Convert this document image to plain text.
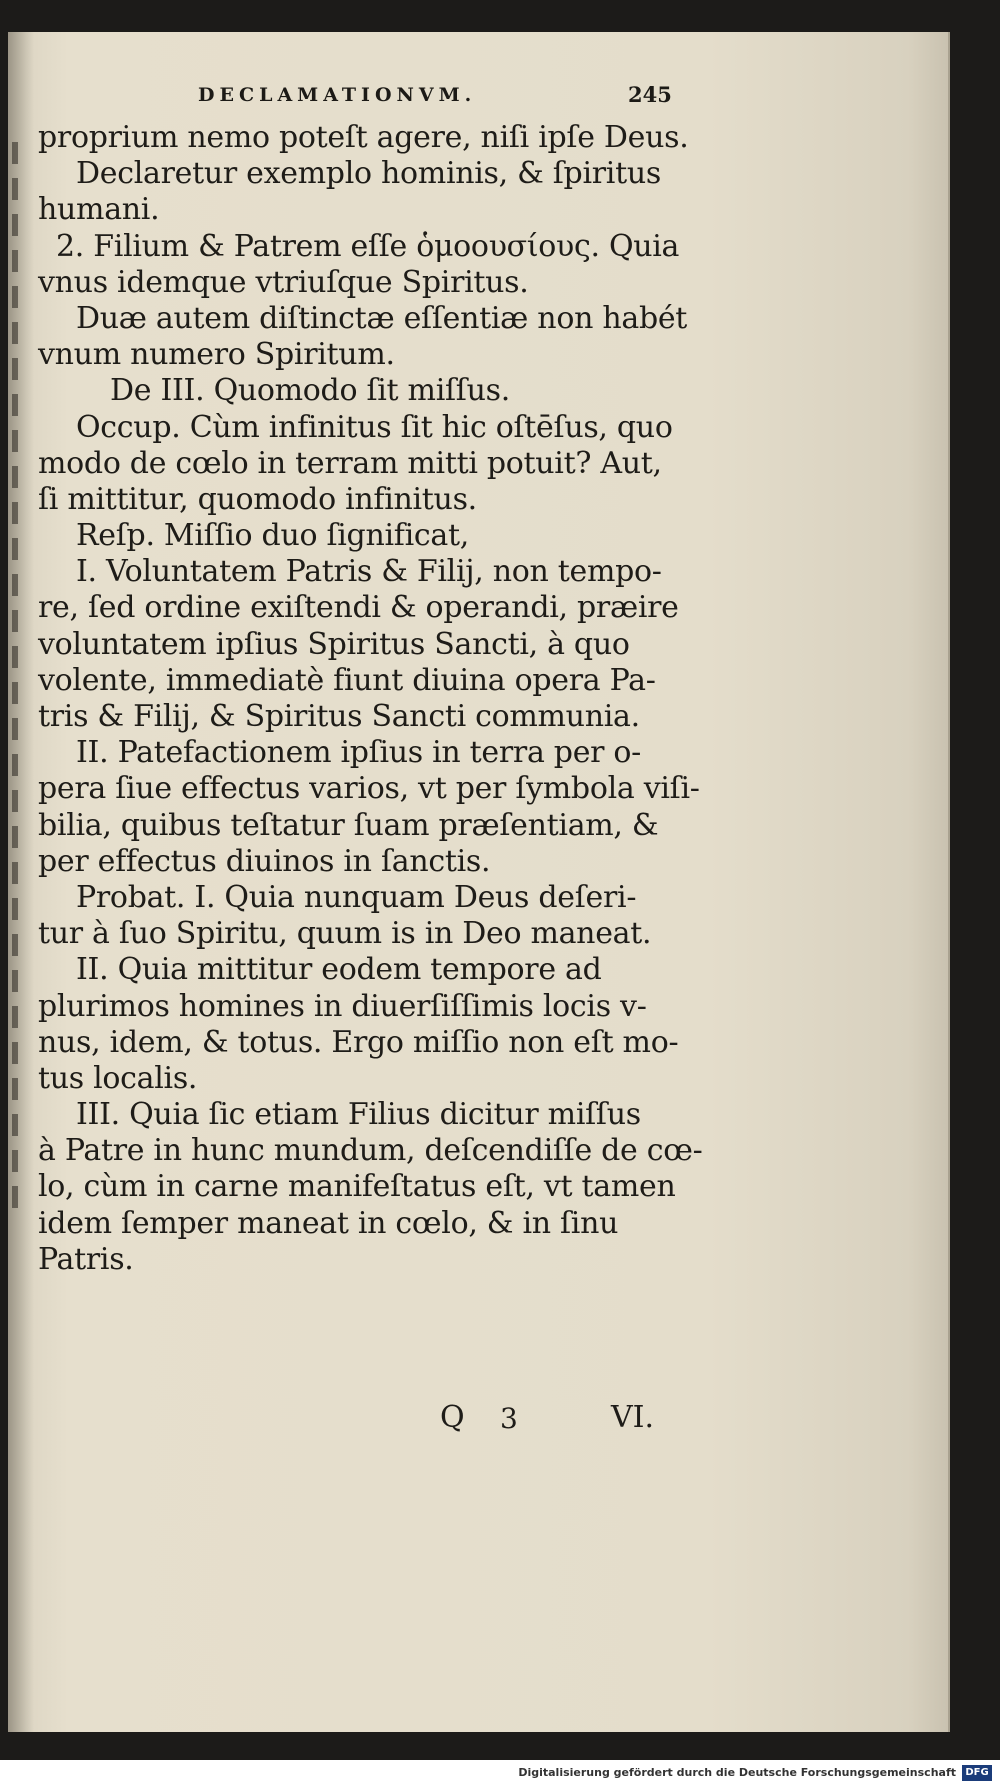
DECLAMATIONVM.	245
proprium nemo poteſt agere, niſi ipſe Deus.
Declaretur exemplo hominis, & ſpiritus
humani.
2. Filium & Patrem eſſe ὁμοουσίους. Quia
vnus idemque vtriuſque Spiritus.
Duæ autem diſtinctæ eſſentiæ non habét
vnum numero Spiritum.
De III. Quomodo ſit miſſus.
Occup. Cùm infinitus ſit hic oſtēſus, quo
modo de cœlo in terram mitti potuit? Aut,
ſi mittitur, quomodo infinitus.
Reſp. Miſſio duo ſignificat,
I. Voluntatem Patris & Filij, non tempo-
re, ſed ordine exiſtendi & operandi, præire
voluntatem ipſius Spiritus Sancti, à quo
volente, immediatè fiunt diuina opera Pa-
tris & Filij, & Spiritus Sancti communia.
II. Patefactionem ipſius in terra per o-
pera ſiue effectus varios, vt per ſymbola viſi-
bilia, quibus teſtatur ſuam præſentiam, &
per effectus diuinos in ſanctis.
Probat. I. Quia nunquam Deus deſeri-
tur à ſuo Spiritu, quum is in Deo maneat.
II. Quia mittitur eodem tempore ad
plurimos homines in diuerſiſſimis locis v-
nus, idem, & totus. Ergo miſſio non eſt mo-
tus localis.
III. Quia ſic etiam Filius dicitur miſſus
à Patre in hunc mundum, deſcendiſſe de cœ-
lo, cùm in carne manifeſtatus eſt, vt tamen
idem ſemper maneat in cœlo, & in ſinu
Patris.
Q 3	VI.
Digitalisierung gefördert durch die Deutsche Forschungsgemeinschaft DFG
